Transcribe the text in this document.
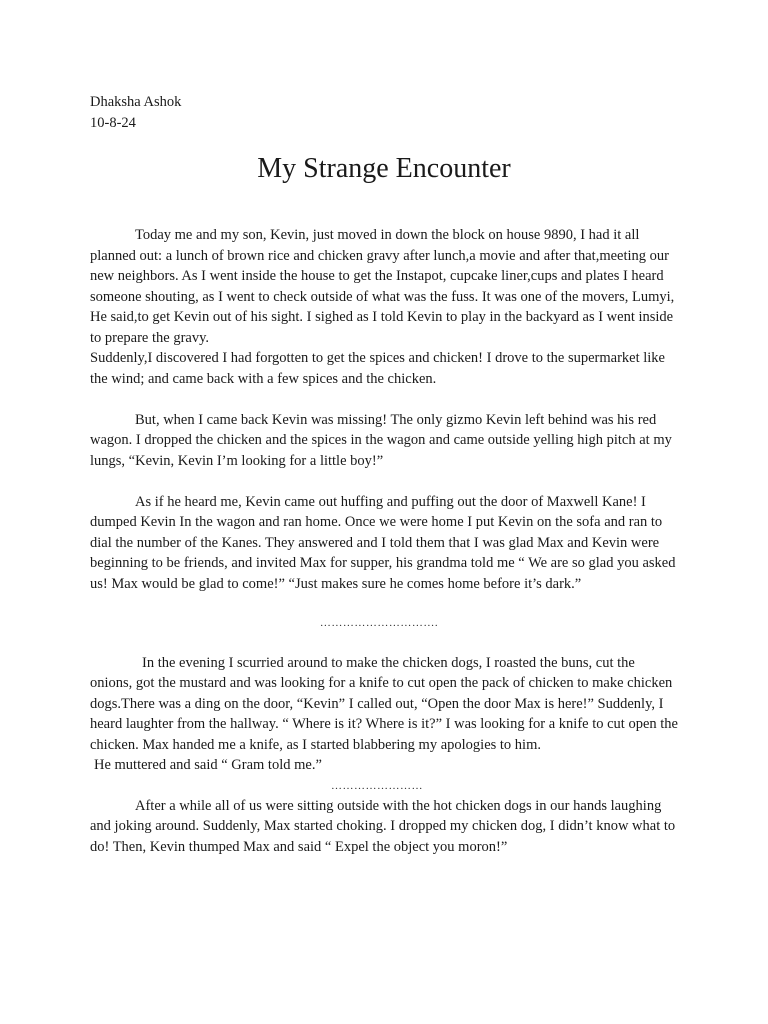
Dhaksha Ashok

10-8-24

My Strange Encounter

Today me and my son, Kevin, just moved in down the block on house 9890, I had it all planned out: a lunch of brown rice and chicken gravy after lunch,a movie and after that,meeting our new neighbors. As I went inside the house to get the Instapot, cupcake liner,cups and plates I heard someone shouting, as I went to check outside of what was the fuss. It was one of the movers, Lumyi, He said,to get Kevin out of his sight. I sighed as I told Kevin to play in the backyard as I went inside to prepare the gravy.

Suddenly,I discovered I had forgotten to get the spices and chicken! I drove to the supermarket like the wind; and came back with a few spices and the chicken.

But, when I came back Kevin was missing! The only gizmo Kevin left behind was his red wagon. I dropped the chicken and the spices in the wagon and came outside yelling high pitch at my lungs, “Kevin, Kevin I’m looking for a little boy!”

As if he heard me, Kevin came out huffing and puffing out the door of Maxwell Kane! I dumped Kevin In the wagon and ran home. Once we were home I put Kevin on the sofa and ran to dial the number of the Kanes. They answered and I told them that I was glad Max and Kevin were beginning to be friends, and invited Max for supper, his grandma told me “ We are so glad you asked us! Max would be glad to come!” “Just makes sure he comes home before it’s dark.”

………………………….

In the evening I scurried around to make the chicken dogs, I roasted the buns, cut the onions, got the mustard and was looking for a knife to cut open the pack of chicken to make chicken dogs.There was a ding on the door, “Kevin” I called out, “Open the door Max is here!” Suddenly, I heard laughter from the hallway. “ Where is it? Where is it?” I was looking for a knife to cut open the chicken. Max handed me a knife, as I started blabbering my apologies to him.

He muttered and said “ Gram told me.”

……………………

After a while all of us were sitting outside with the hot chicken dogs in our hands laughing and joking around. Suddenly, Max started choking. I dropped my chicken dog, I didn’t know what to do! Then, Kevin thumped Max and said “ Expel the object you moron!”
